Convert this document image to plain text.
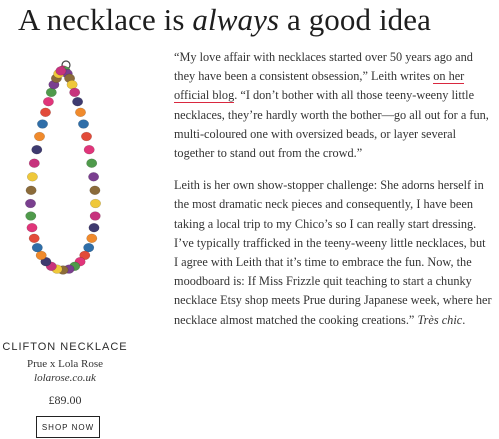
A necklace is always a good idea
CLIFTON NECKLACE
Prue x Lola Rose
lolarose.co.uk
£89.00
SHOP NOW

“My love affair with necklaces started over 50 years ago and they have been a consistent obsession,” Leith writes on her official blog. “I don’t bother with all those teeny-weeny little necklaces, they’re hardly worth the bother—go all out for a fun, multi-coloured one with oversized beads, or layer several together to stand out from the crowd.”

Leith is her own show-stopper challenge: She adorns herself in the most dramatic neck pieces and consequently, I have been taking a local trip to my Chico’s so I can really start dressing. I’ve typically trafficked in the teeny-weeny little necklaces, but I agree with Leith that it’s time to embrace the fun. Now, the moodboard is: If Miss Frizzle quit teaching to start a chunky necklace Etsy shop meets Prue during Japanese week, where her necklace almost matched the cooking creations.” Très chic.
